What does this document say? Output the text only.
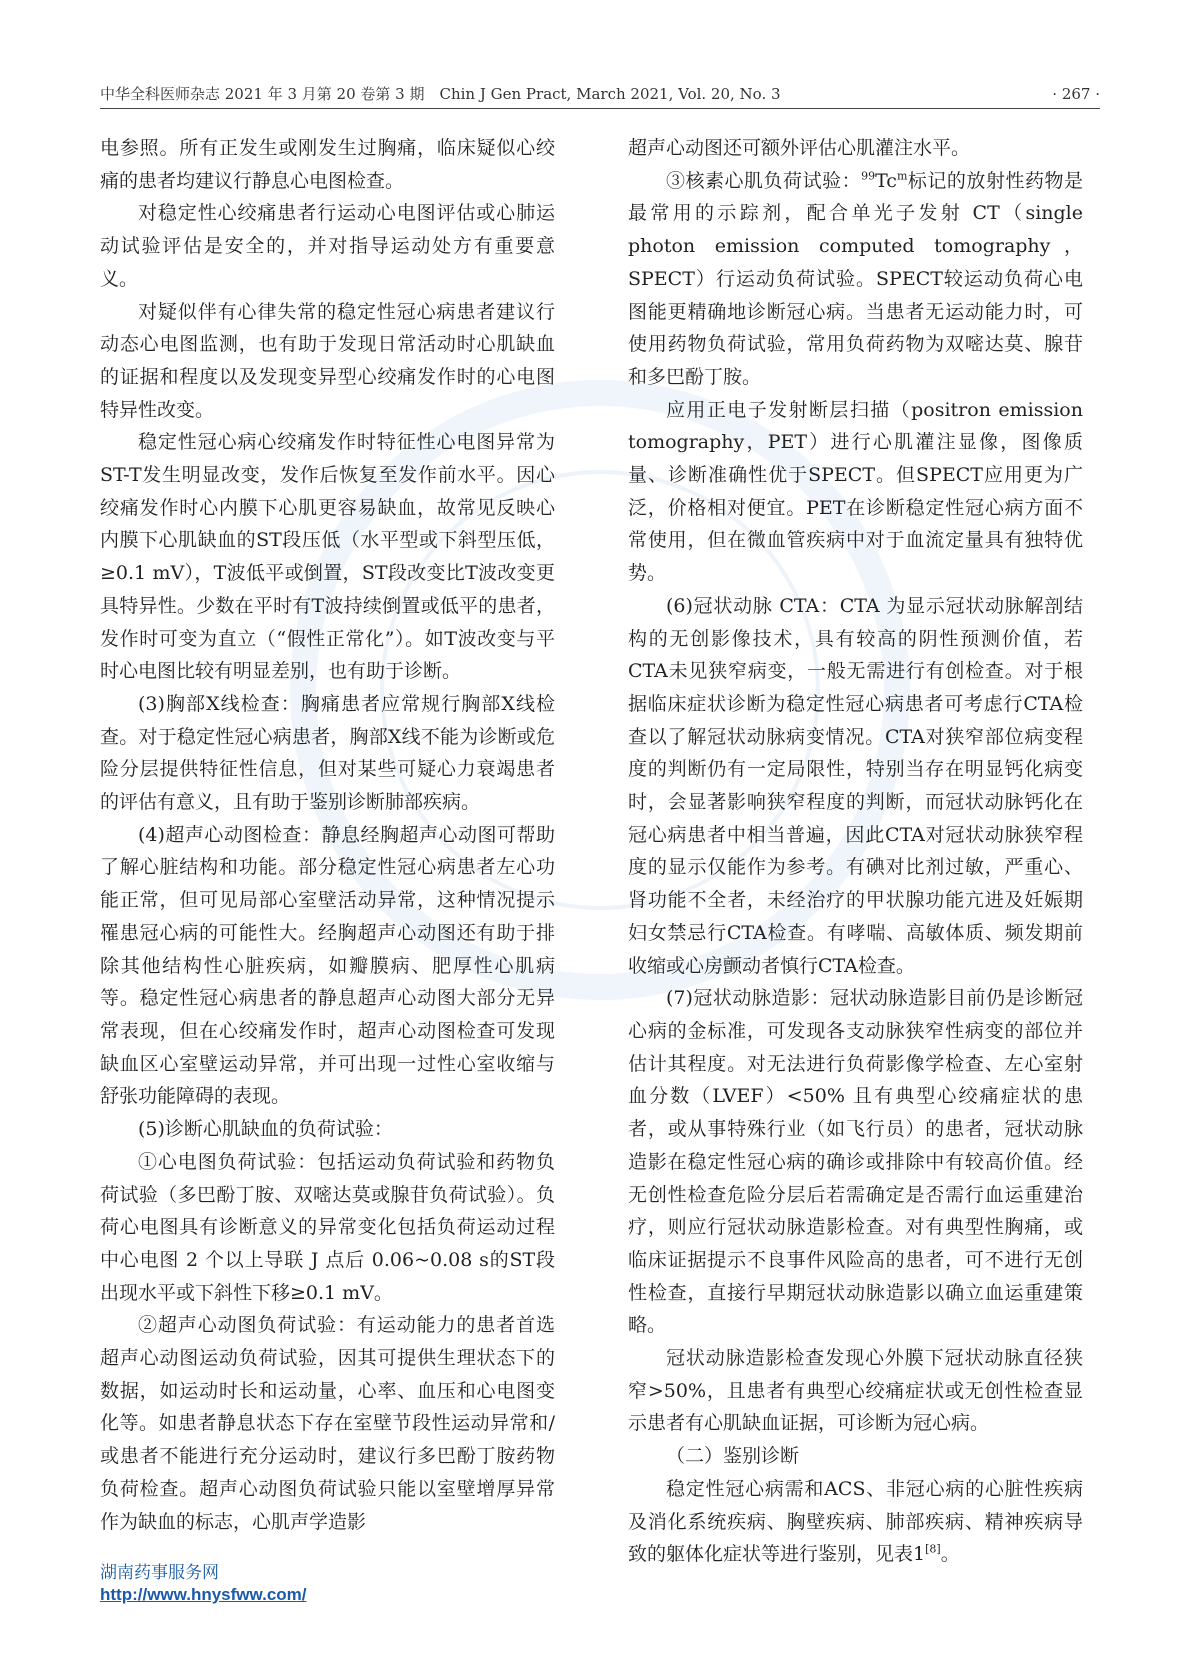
中华全科医师杂志 2021 年 3 月第 20 卷第 3 期　Chin J Gen Pract, March 2021, Vol. 20, No. 3	· 267 ·

电参照。所有正发生或刚发生过胸痛，临床疑似心绞痛的患者均建议行静息心电图检查。

对稳定性心绞痛患者行运动心电图评估或心肺运动试验评估是安全的，并对指导运动处方有重要意义。

对疑似伴有心律失常的稳定性冠心病患者建议行动态心电图监测，也有助于发现日常活动时心肌缺血的证据和程度以及发现变异型心绞痛发作时的心电图特异性改变。

稳定性冠心病心绞痛发作时特征性心电图异常为ST-T发生明显改变，发作后恢复至发作前水平。因心绞痛发作时心内膜下心肌更容易缺血，故常见反映心内膜下心肌缺血的ST段压低（水平型或下斜型压低，≥0.1 mV），T波低平或倒置，ST段改变比T波改变更具特异性。少数在平时有T波持续倒置或低平的患者，发作时可变为直立（“假性正常化”）。如T波改变与平时心电图比较有明显差别，也有助于诊断。

(3)胸部X线检查：胸痛患者应常规行胸部X线检查。对于稳定性冠心病患者，胸部X线不能为诊断或危险分层提供特征性信息，但对某些可疑心力衰竭患者的评估有意义，且有助于鉴别诊断肺部疾病。

(4)超声心动图检查：静息经胸超声心动图可帮助了解心脏结构和功能。部分稳定性冠心病患者左心功能正常，但可见局部心室壁活动异常，这种情况提示罹患冠心病的可能性大。经胸超声心动图还有助于排除其他结构性心脏疾病，如瓣膜病、肥厚性心肌病等。稳定性冠心病患者的静息超声心动图大部分无异常表现，但在心绞痛发作时，超声心动图检查可发现缺血区心室壁运动异常，并可出现一过性心室收缩与舒张功能障碍的表现。

(5)诊断心肌缺血的负荷试验：

①心电图负荷试验：包括运动负荷试验和药物负荷试验（多巴酚丁胺、双嘧达莫或腺苷负荷试验）。负荷心电图具有诊断意义的异常变化包括负荷运动过程中心电图 2 个以上导联 J 点后 0.06~0.08 s的ST段出现水平或下斜性下移≥0.1 mV。

②超声心动图负荷试验：有运动能力的患者首选超声心动图运动负荷试验，因其可提供生理状态下的数据，如运动时长和运动量，心率、血压和心电图变化等。如患者静息状态下存在室壁节段性运动异常和/或患者不能进行充分运动时，建议行多巴酚丁胺药物负荷检查。超声心动图负荷试验只能以室壁增厚异常作为缺血的标志，心肌声学造影

超声心动图还可额外评估心肌灌注水平。

③核素心肌负荷试验：$^{99}$Tc$^m$标记的放射性药物是最常用的示踪剂，配合单光子发射 CT（single photon emission computed tomography，SPECT）行运动负荷试验。SPECT较运动负荷心电图能更精确地诊断冠心病。当患者无运动能力时，可使用药物负荷试验，常用负荷药物为双嘧达莫、腺苷和多巴酚丁胺。

应用正电子发射断层扫描（positron emission tomography，PET）进行心肌灌注显像，图像质量、诊断准确性优于SPECT。但SPECT应用更为广泛，价格相对便宜。PET在诊断稳定性冠心病方面不常使用，但在微血管疾病中对于血流定量具有独特优势。

(6)冠状动脉 CTA：CTA 为显示冠状动脉解剖结构的无创影像技术，具有较高的阴性预测价值，若CTA未见狭窄病变，一般无需进行有创检查。对于根据临床症状诊断为稳定性冠心病患者可考虑行CTA检查以了解冠状动脉病变情况。CTA对狭窄部位病变程度的判断仍有一定局限性，特别当存在明显钙化病变时，会显著影响狭窄程度的判断，而冠状动脉钙化在冠心病患者中相当普遍，因此CTA对冠状动脉狭窄程度的显示仅能作为参考。有碘对比剂过敏，严重心、肾功能不全者，未经治疗的甲状腺功能亢进及妊娠期妇女禁忌行CTA检查。有哮喘、高敏体质、频发期前收缩或心房颤动者慎行CTA检查。

(7)冠状动脉造影：冠状动脉造影目前仍是诊断冠心病的金标准，可发现各支动脉狭窄性病变的部位并估计其程度。对无法进行负荷影像学检查、左心室射血分数（LVEF）<50% 且有典型心绞痛症状的患者，或从事特殊行业（如飞行员）的患者，冠状动脉造影在稳定性冠心病的确诊或排除中有较高价值。经无创性检查危险分层后若需确定是否需行血运重建治疗，则应行冠状动脉造影检查。对有典型性胸痛，或临床证据提示不良事件风险高的患者，可不进行无创性检查，直接行早期冠状动脉造影以确立血运重建策略。

冠状动脉造影检查发现心外膜下冠状动脉直径狭窄>50%，且患者有典型心绞痛症状或无创性检查显示患者有心肌缺血证据，可诊断为冠心病。

（二）鉴别诊断

稳定性冠心病需和ACS、非冠心病的心脏性疾病及消化系统疾病、胸壁疾病、肺部疾病、精神疾病导致的躯体化症状等进行鉴别，见表1[8]。

湖南药事服务网
http://www.hnysfww.com/
